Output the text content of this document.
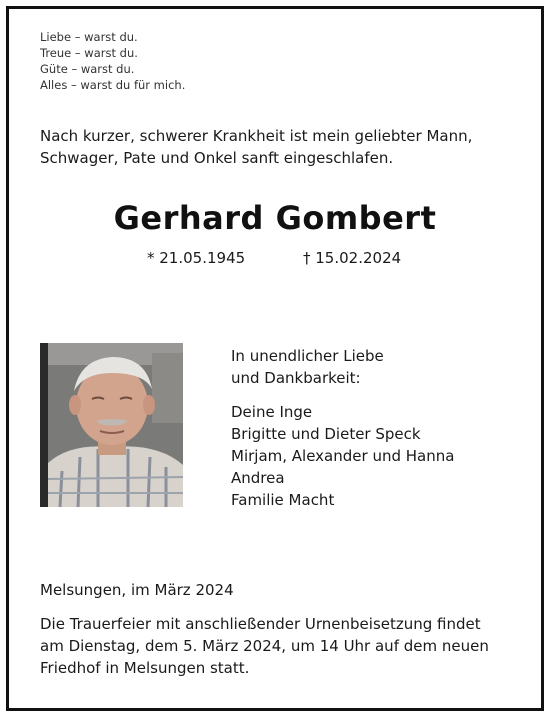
Liebe – warst du.
Treue – warst du.
Güte – warst du.
Alles – warst du für mich.
Nach kurzer, schwerer Krankheit ist mein geliebter Mann,
Schwager, Pate und Onkel sanft eingeschlafen.
Gerhard Gombert
* 21.05.1945	† 15.02.2024
In unendlicher Liebe
und Dankbarkeit:
Deine Inge
Brigitte und Dieter Speck
Mirjam, Alexander und Hanna
Andrea
Familie Macht
Melsungen, im März 2024
Die Trauerfeier mit anschließender Urnenbeisetzung findet
am Dienstag, dem 5. März 2024, um 14 Uhr auf dem neuen
Friedhof in Melsungen statt.
